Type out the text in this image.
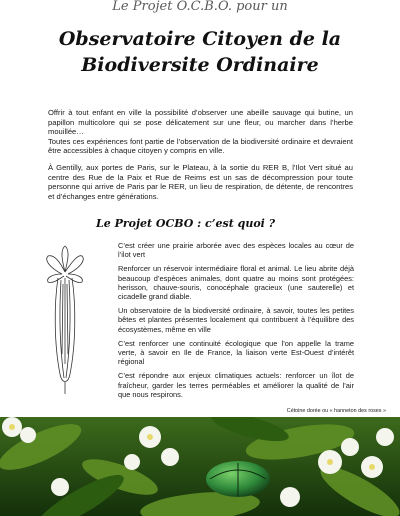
Le Projet O.C.B.O. pour un
Observatoire Citoyen de la
Biodiversite Ordinaire

Offrir à tout enfant en ville la possibilité d’observer une abeille sauvage qui butine, un papillon multicolore qui se pose délicatement sur une fleur, ou marcher dans l’herbe mouillée…

Toutes ces expériences font partie de l’observation de la biodiversité ordinaire et devraient être accessibles à chaque citoyen y compris en ville.

À Gentilly, aux portes de Paris, sur le Plateau, à la sortie du RER B, l’Ilot Vert situé au centre des Rue de la Paix et Rue de Reims est un sas de décompression pour toute personne qui arrive de Paris par le RER, un lieu de respiration, de détente, de rencontres et d’échanges entre générations.

Le Projet OCBO : c’est quoi ?

C’est créer une prairie arborée avec des espèces locales au cœur de l’ilot vert

Renforcer un réservoir intermédiaire floral et animal. Le lieu abrite déjà beaucoup d’espèces animales, dont quatre au moins sont protégées: herisson, chauve-souris, conocéphale gracieux (une sauterelle) et cicadelle grand diable.

Un observatoire de la biodiversité ordinaire, à savoir, toutes les petites bêtes et plantes présentes localement qui contribuent à l’équilibre des écosystèmes, même en ville

C’est renforcer une continuité écologique que l’on appelle la trame verte, à savoir en Ile de France, la liaison verte Est-Ouest d’intérêt régional

C’est répondre aux enjeux climatiques actuels: renforcer un îlot de fraîcheur, garder les terres perméables et améliorer la qualité de l’air que nous respirons.

Cétoine dorée ou « hanneton des roses »
